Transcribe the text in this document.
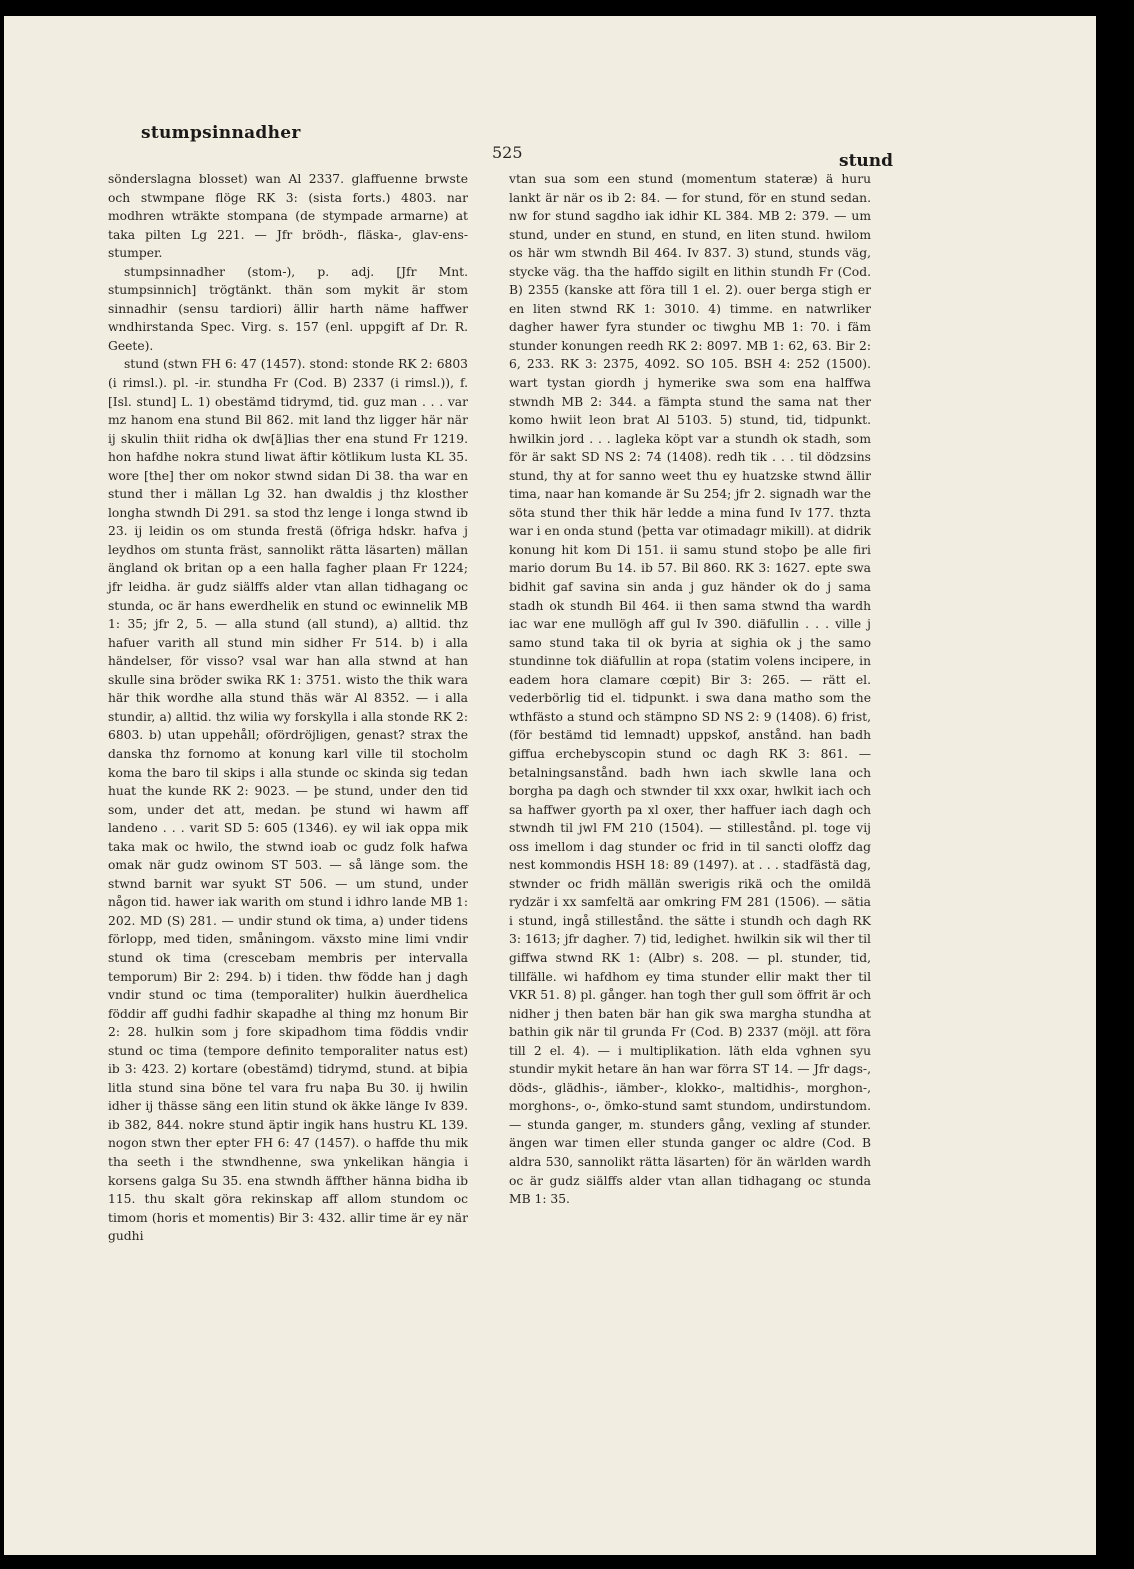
stumpsinnadher
525	stund

sönderslagna blosset) wan Al 2337. glaffuenne brwste och stwmpane flöge RK 3: (sista forts.) 4803. nar modhren wträkte stompana (de stympade armarne) at taka pilten Lg 221. — Jfr brödh-, fläska-, glav-ens-stumper.

stumpsinnadher (stom-), p. adj. [Jfr Mnt. stumpsinnich] trögtänkt. thän som mykit är stom sinnadhir (sensu tardiori) ällir harth näme haffwer wndhirstanda Spec. Virg. s. 157 (enl. uppgift af Dr. R. Geete).

stund (stwn FH 6: 47 (1457). stond: stonde RK 2: 6803 (i rimsl.). pl. -ir. stundha Fr (Cod. B) 2337 (i rimsl.)), f. [Isl. stund] L. 1) obestämd tidrymd, tid. guz man . . . var mz hanom ena stund Bil 862. mit land thz ligger här när ij skulin thiit ridha ok dw[ä]lias ther ena stund Fr 1219. hon hafdhe nokra stund liwat äftir kötlikum lusta KL 35. wore [the] ther om nokor stwnd sidan Di 38. tha war en stund ther i mällan Lg 32. han dwaldis j thz klosther longha stwndh Di 291. sa stod thz lenge i longa stwnd ib 23. ij leidin os om stunda frestä (öfriga hdskr. hafva j leydhos om stunta fräst, sannolikt rätta läsarten) mällan ängland ok britan op a een halla fagher plaan Fr 1224; jfr leidha. är gudz siälffs alder vtan allan tidhagang oc stunda, oc är hans ewerdhelik en stund oc ewinnelik MB 1: 35; jfr 2, 5. — alla stund (all stund), a) alltid. thz hafuer varith all stund min sidher Fr 514. b) i alla händelser, för visso? vsal war han alla stwnd at han skulle sina bröder swika RK 1: 3751. wisto the thik wara här thik wordhe alla stund thäs wär Al 8352. — i alla stundir, a) alltid. thz wilia wy forskylla i alla stonde RK 2: 6803. b) utan uppehåll; ofördröjligen, genast? strax the danska thz fornomo at konung karl ville til stocholm koma the baro til skips i alla stunde oc skinda sig tedan huat the kunde RK 2: 9023. — þe stund, under den tid som, under det att, medan. þe stund wi hawm aff landeno . . . varit SD 5: 605 (1346). ey wil iak oppa mik taka mak oc hwilo, the stwnd ioab oc gudz folk hafwa omak när gudz owinom ST 503. — så länge som. the stwnd barnit war syukt ST 506. — um stund, under någon tid. hawer iak warith om stund i idhro lande MB 1: 202. MD (S) 281. — undir stund ok tima, a) under tidens förlopp, med tiden, småningom. växsto mine limi vndir stund ok tima (crescebam membris per intervalla temporum) Bir 2: 294. b) i tiden. thw födde han j dagh vndir stund oc tima (temporaliter) hulkin äuerdhelica föddir aff gudhi fadhir skapadhe al thing mz honum Bir 2: 28. hulkin som j fore skipadhom tima föddis vndir stund oc tima (tempore definito temporaliter natus est) ib 3: 423. 2) kortare (obestämd) tidrymd, stund. at biþia litla stund sina böne tel vara fru naþa Bu 30. ij hwilin idher ij thässe säng een litin stund ok äkke länge Iv 839. ib 382, 844. nokre stund äptir ingik hans hustru KL 139. nogon stwn ther epter FH 6: 47 (1457). o haffde thu mik tha seeth i the stwndhenne, swa ynkelikan hängia i korsens galga Su 35. ena stwndh äffther hänna bidha ib 115. thu skalt göra rekinskap aff allom stundom oc timom (horis et momentis) Bir 3: 432. allir time är ey när gudhi

vtan sua som een stund (momentum stateræ) ä huru lankt är när os ib 2: 84. — for stund, för en stund sedan. nw for stund sagdho iak idhir KL 384. MB 2: 379. — um stund, under en stund, en stund, en liten stund. hwilom os här wm stwndh Bil 464. Iv 837. 3) stund, stunds väg, stycke väg. tha the haffdo sigilt en lithin stundh Fr (Cod. B) 2355 (kanske att föra till 1 el. 2). ouer berga stigh er en liten stwnd RK 1: 3010. 4) timme. en natwrliker dagher hawer fyra stunder oc tiwghu MB 1: 70. i fäm stunder konungen reedh RK 2: 8097. MB 1: 62, 63. Bir 2: 6, 233. RK 3: 2375, 4092. SO 105. BSH 4: 252 (1500). wart tystan giordh j hymerike swa som ena halffwa stwndh MB 2: 344. a fämpta stund the sama nat ther komo hwiit leon brat Al 5103. 5) stund, tid, tidpunkt. hwilkin jord . . . lagleka köpt var a stundh ok stadh, som för är sakt SD NS 2: 74 (1408). redh tik . . . til dödzsins stund, thy at for sanno weet thu ey huatzske stwnd ällir tima, naar han komande är Su 254; jfr 2. signadh war the söta stund ther thik här ledde a mina fund Iv 177. thzta war i en onda stund (þetta var otimadagr mikill). at didrik konung hit kom Di 151. ii samu stund stoþo þe alle firi mario dorum Bu 14. ib 57. Bil 860. RK 3: 1627. epte swa bidhit gaf savina sin anda j guz händer ok do j sama stadh ok stundh Bil 464. ii then sama stwnd tha wardh iac war ene mullögh aff gul Iv 390. diäfullin . . . ville j samo stund taka til ok byria at sighia ok j the samo stundinne tok diäfullin at ropa (statim volens incipere, in eadem hora clamare cœpit) Bir 3: 265. — rätt el. vederbörlig tid el. tidpunkt. i swa dana matho som the wthfästo a stund och stämpno SD NS 2: 9 (1408). 6) frist, (för bestämd tid lemnadt) uppskof, anstånd. han badh giffua erchebyscopin stund oc dagh RK 3: 861. — betalningsanstånd. badh hwn iach skwlle lana och borgha pa dagh och stwnder til xxx oxar, hwlkit iach och sa haffwer gyorth pa xl oxer, ther haffuer iach dagh och stwndh til jwl FM 210 (1504). — stillestånd. pl. toge vij oss imellom i dag stunder oc frid in til sancti oloffz dag nest kommondis HSH 18: 89 (1497). at . . . stadfästä dag, stwnder oc fridh mällän swerigis rikä och the omildä rydzär i xx samfeltä aar omkring FM 281 (1506). — sätia i stund, ingå stillestånd. the sätte i stundh och dagh RK 3: 1613; jfr dagher. 7) tid, ledighet. hwilkin sik wil ther til giffwa stwnd RK 1: (Albr) s. 208. — pl. stunder, tid, tillfälle. wi hafdhom ey tima stunder ellir makt ther til VKR 51. 8) pl. gånger. han togh ther gull som öffrit är och nidher j then baten bär han gik swa margha stundha at bathin gik när til grunda Fr (Cod. B) 2337 (möjl. att föra till 2 el. 4). — i multiplikation. läth elda vghnen syu stundir mykit hetare än han war förra ST 14. — Jfr dags-, döds-, glädhis-, iämber-, klokko-, maltidhis-, morghon-, morghons-, o-, ömko-stund samt stundom, undirstundom. — stunda ganger, m. stunders gång, vexling af stunder. ängen war timen eller stunda ganger oc aldre (Cod. B aldra 530, sannolikt rätta läsarten) för än wärlden wardh oc är gudz siälffs alder vtan allan tidhagang oc stunda MB 1: 35.
